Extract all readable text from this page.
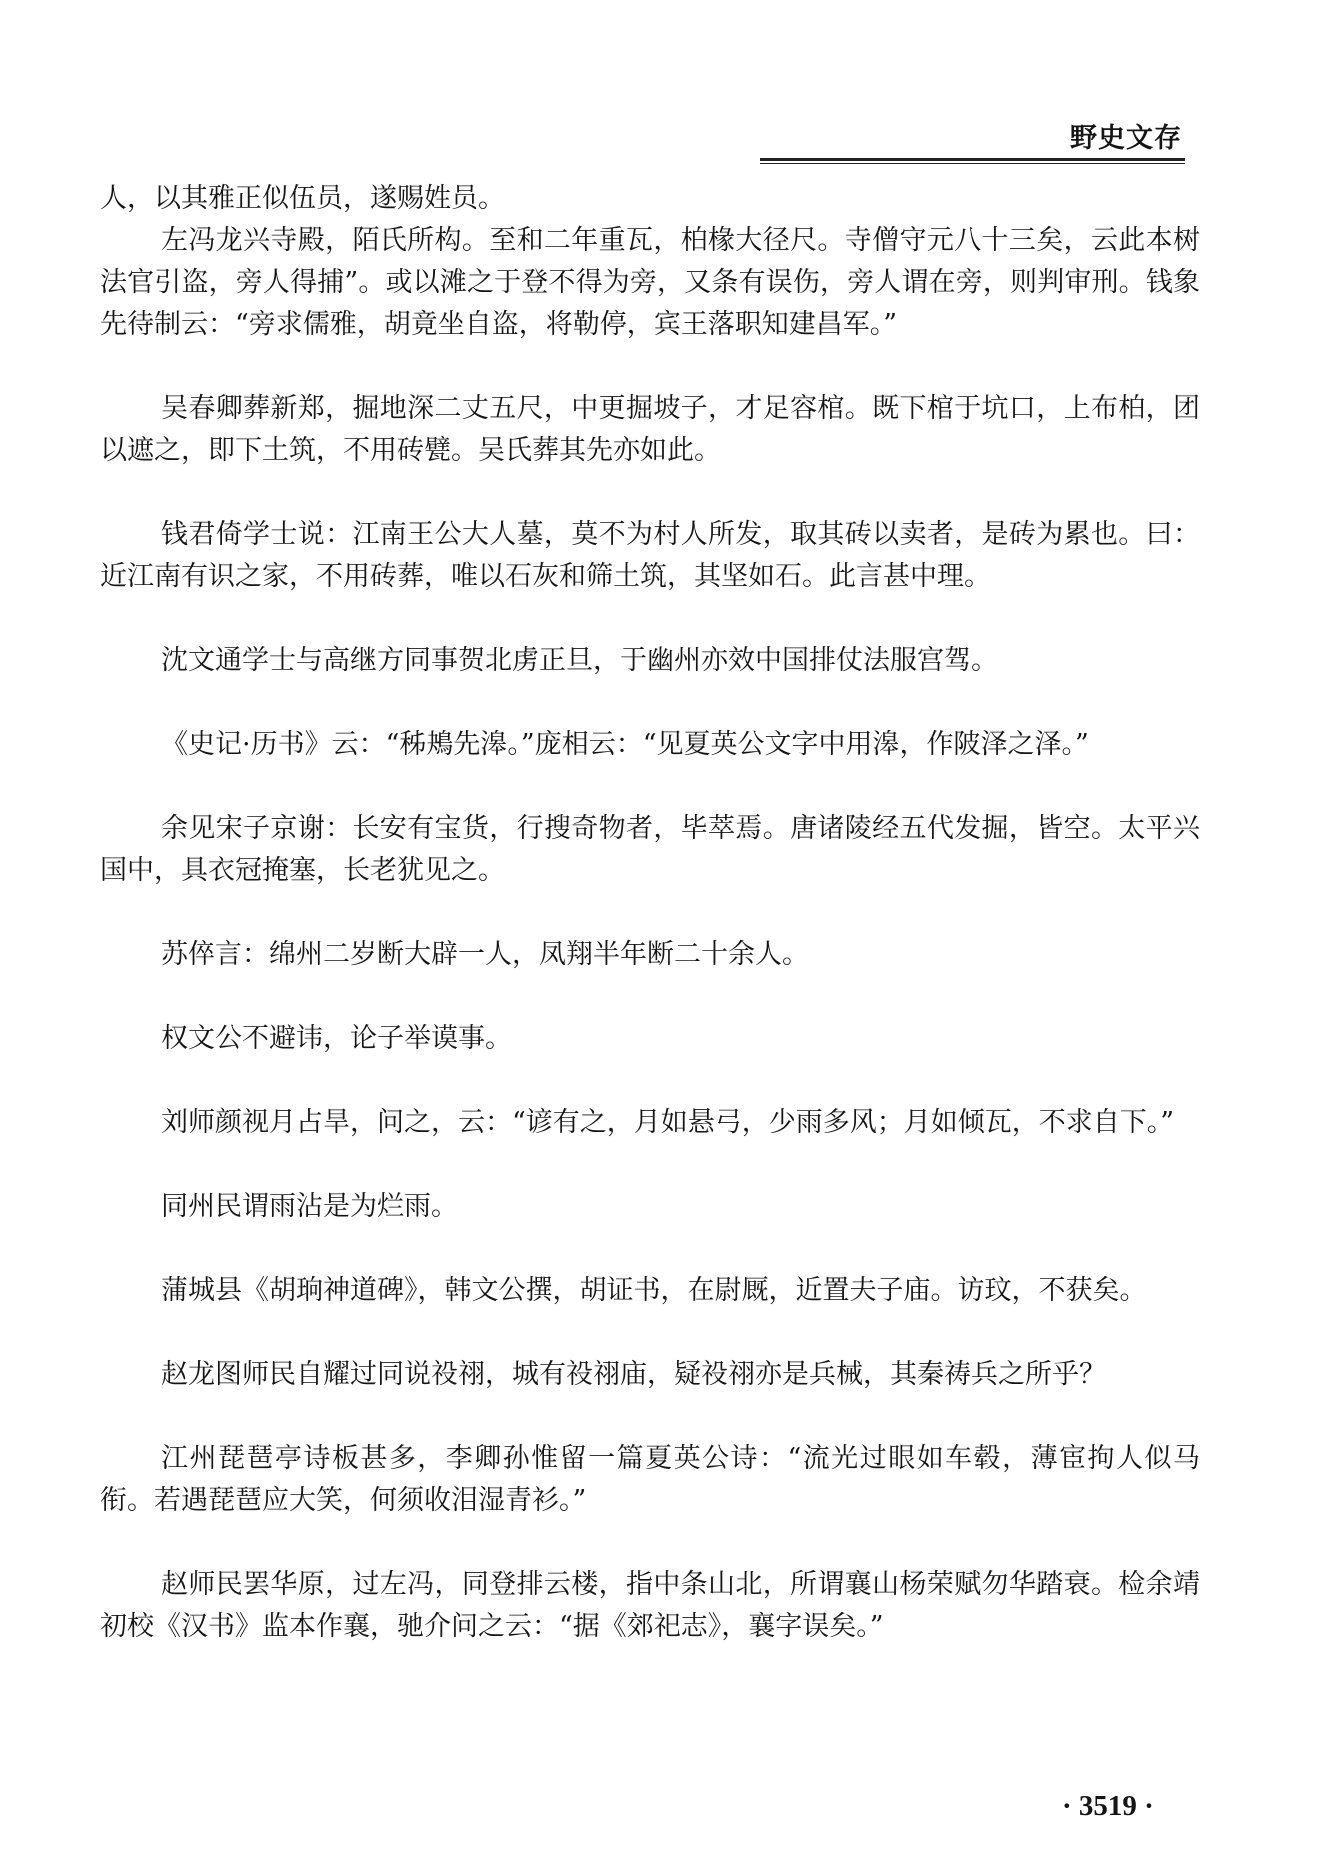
野史文存

人，以其雅正似伍员，遂赐姓员。

左冯龙兴寺殿，陌氏所构。至和二年重瓦，柏椽大径尺。寺僧守元八十三矣，云此本树法官引盗，旁人得捕”。或以滩之于登不得为旁，又条有误伤，旁人谓在旁，则判审刑。钱象先待制云：“旁求儒雅，胡竟坐自盗，将勒停，宾王落职知建昌军。”

吴春卿葬新郑，掘地深二丈五尺，中更掘坡子，才足容棺。既下棺于坑口，上布柏，团以遮之，即下土筑，不用砖甓。吴氏葬其先亦如此。

钱君倚学士说：江南王公大人墓，莫不为村人所发，取其砖以卖者，是砖为累也。曰：近江南有识之家，不用砖葬，唯以石灰和筛土筑，其坚如石。此言甚中理。

沈文通学士与高继方同事贺北虏正旦，于幽州亦效中国排仗法服宫驾。

《史记·历书》云：“秭鴂先滜。”庞相云：“见夏英公文字中用滜，作陂泽之泽。”

余见宋子京谢：长安有宝货，行搜奇物者，毕萃焉。唐诸陵经五代发掘，皆空。太平兴国中，具衣冠掩塞，长老犹见之。

苏倅言：绵州二岁断大辟一人，凤翔半年断二十余人。

权文公不避讳，论子举谟事。

刘师颜视月占旱，问之，云：“谚有之，月如悬弓，少雨多风；月如倾瓦，不求自下。”

同州民谓雨沾是为烂雨。

蒲城县《胡珦神道碑》，韩文公撰，胡证书，在尉厩，近置夫子庙。访玟，不获矣。

赵龙图师民自耀过同说祋祤，城有祋祤庙，疑祋祤亦是兵械，其秦祷兵之所乎？

江州琵琶亭诗板甚多，李卿孙惟留一篇夏英公诗：“流光过眼如车毂，薄宦拘人似马衔。若遇琵琶应大笑，何须收泪湿青衫。”

赵师民罢华原，过左冯，同登排云楼，指中条山北，所谓襄山杨荣赋勿华踏衰。检余靖初校《汉书》监本作襄，驰介问之云：“据《郊祀志》，襄字误矣。”

· 3519 ·
